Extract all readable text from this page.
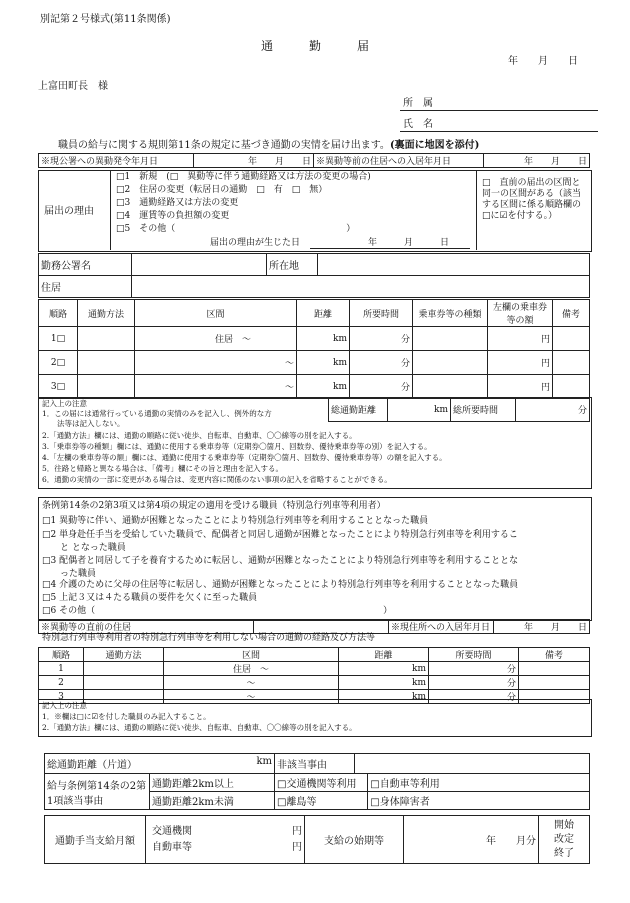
別記第２号様式(第11条関係)
通　　　勤　　　届
年　　月　　日
上富田町長　様
所　属
氏　名
職員の給与に関する規則第11条の規定に基づき通勤の実情を届け出ます。(裏面に地図を添付)
※現公署への異動発令年月日	年　　月　　日	※異動等前の住居への入居年月日	年　　月　　日
届出の理由
□1　新規　(□　異動等に伴う通勤経路又は方法の変更の場合)
□2　住居の変更（転居日の通勤　□　有　□　無）
□3　通勤経路又は方法の変更
□4　運賃等の負担額の変更
□5　その他（　　　　　　　　　　　　　　　　　　　）
届出の理由が生じた日	年　　　月　　　日
□　直前の届出の区間と同一の区間がある（該当する区間に係る順路欄の□に☑を付する。）
勤務公署名		所在地	
住居			
順路	通勤方法	区間	距離	所要時間	乗車券等の種類	左欄の乗車券等の額	備考
1□		住居　〜	km	分		円	
2□		〜	km	分		円	
3□		〜	km	分		円	
総通勤距離	km	総所要時間	分
記入上の注意
1．この届には通常行っている通勤の実情のみを記入し、例外的な方
　　法等は記入しない。
2.「通勤方法」欄には、通勤の順路に従い徒歩、自転車、自動車、〇〇線等の別を記入する。
3.「乗車券等の種類」欄には、通勤に使用する乗車券等（定期券〇箇月、回数券、優待乗車券等の別）を記入する。
4.「左欄の乗車券等の額」欄には、通勤に使用する乗車券等（定期券〇箇月、回数券、優待乗車券等）の額を記入する。
5．往路と帰路と異なる場合は、「備考」欄にその旨と理由を記入する。
6．通勤の実情の一部に変更がある場合は、変更内容に関係のない事項の記入を省略することができる。
条例第14条の2第3項又は第4項の規定の適用を受ける職員（特別急行列車等利用者）
□1 異動等に伴い、通勤が困難となったことにより特別急行列車等を利用することとなった職員
□2 単身赴任手当を受給していた職員で、配偶者と同居し通勤が困難となったことにより特別急行列車等を利用するこ
　　と となった職員
□3 配偶者と同居して子を養育するために転居し、通勤が困難となったことにより特別急行列車等を利用することとな
　　った職員
□4 介護のために父母の住居等に転居し、通勤が困難となったことにより特別急行列車等を利用することとなった職員
□5 上記３又は４たる職員の要件を欠くに至った職員
□6 その他（　　　　　　　　　　　　　　　　　　　　　　　　　　　　　　　　）
※異動等の直前の住居		※現住所への入居年月日	年　　月　　日
特別急行列車等利用者の特別急行列車等を利用しない場合の通勤の経路及び方法等
順路	通勤方法	区間	距離	所要時間	備考
1		住居　〜	km	分	
2		〜	km	分	
3		〜	km	分	
記入上の注意
1．※欄は□に☑を付した職員のみ記入すること。
2.「通勤方法」欄には、通勤の順路に従い徒歩、自転車、自動車、〇〇線等の別を記入する。
総通勤距離（片道） km		非該当事由		
給与条例第14条の2第1項該当事由	通勤距離2km以上	□交通機関等利用		□自動車等利用
	通勤距離2km未満	□離島等		□身体障害者
通勤手当支給月額	
交通機関	円
自動車等	円	支給の始期等	年　　月分	
開始
改定
終了
